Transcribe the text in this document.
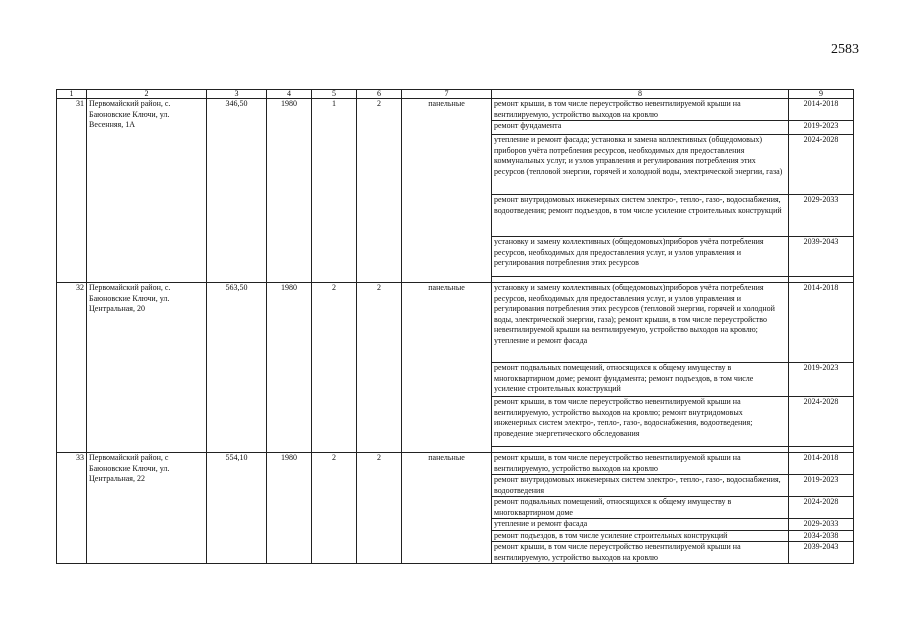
2583
1	2	3	4	5	6	7	8	9
31	Первомайский район, с. Баюновские Ключи, ул. Весенняя, 1А	346,50	1980	1	2	панельные	ремонт крыши, в том числе переустройство невентилируемой крыши на вентилируемую, устройство выходов на кровлю	2014-2018
							ремонт фундамента	2019-2023
							утепление и ремонт фасада; установка и замена коллективных (общедомовых) приборов учёта потребления ресурсов, необходимых для предоставления коммунальных услуг, и узлов управления и регулирования потребления этих ресурсов (тепловой энергии, горячей и холодной воды, электрической энергии, газа)	2024-2028
							ремонт внутридомовых инженерных систем электро-, тепло-, газо-, водоснабжения, водоотведения; ремонт подъездов, в том числе усиление строительных конструкций	2029-2033
							установку и замену коллективных (общедомовых)приборов учёта потребления ресурсов, необходимых для предоставления услуг, и узлов управления и регулирования потребления этих ресурсов	2039-2043

32	Первомайский район, с. Баюновские Ключи, ул. Центральная, 20	563,50	1980	2	2	панельные	установку и замену коллективных (общедомовых)приборов учёта потребления ресурсов, необходимых для предоставления услуг, и узлов управления и регулирования потребления этих ресурсов (тепловой энергии, горячей и холодной воды, электрической энергии, газа); ремонт крыши, в том числе переустройство невентилируемой крыши на вентилируемую, устройство выходов на кровлю; утепление и ремонт фасада	2014-2018
							ремонт подвальных помещений, относящихся к общему имуществу в многоквартирном доме; ремонт фундамента; ремонт подъездов, в том числе усиление строительных конструкций	2019-2023
							ремонт крыши, в том числе переустройство невентилируемой крыши на вентилируемую, устройство выходов на кровлю; ремонт внутридомовых инженерных систем электро-, тепло-, газо-, водоснабжения, водоотведения; проведение энергетического обследования	2024-2028

33	Первомайский район, с Баюновские Ключи, ул. Центральная, 22	554,10	1980	2	2	панельные	ремонт крыши, в том числе переустройство невентилируемой крыши на вентилируемую, устройство выходов на кровлю	2014-2018
							ремонт внутридомовых инженерных систем электро-, тепло-, газо-, водоснабжения, водоотведения	2019-2023
							ремонт подвальных помещений, относящихся к общему имуществу в многоквартирном доме	2024-2028
							утепление и ремонт фасада	2029-2033
							ремонт подъездов, в том числе усиление строительных конструкций	2034-2038
							ремонт крыши, в том числе переустройство невентилируемой крыши на вентилируемую, устройство выходов на кровлю	2039-2043
